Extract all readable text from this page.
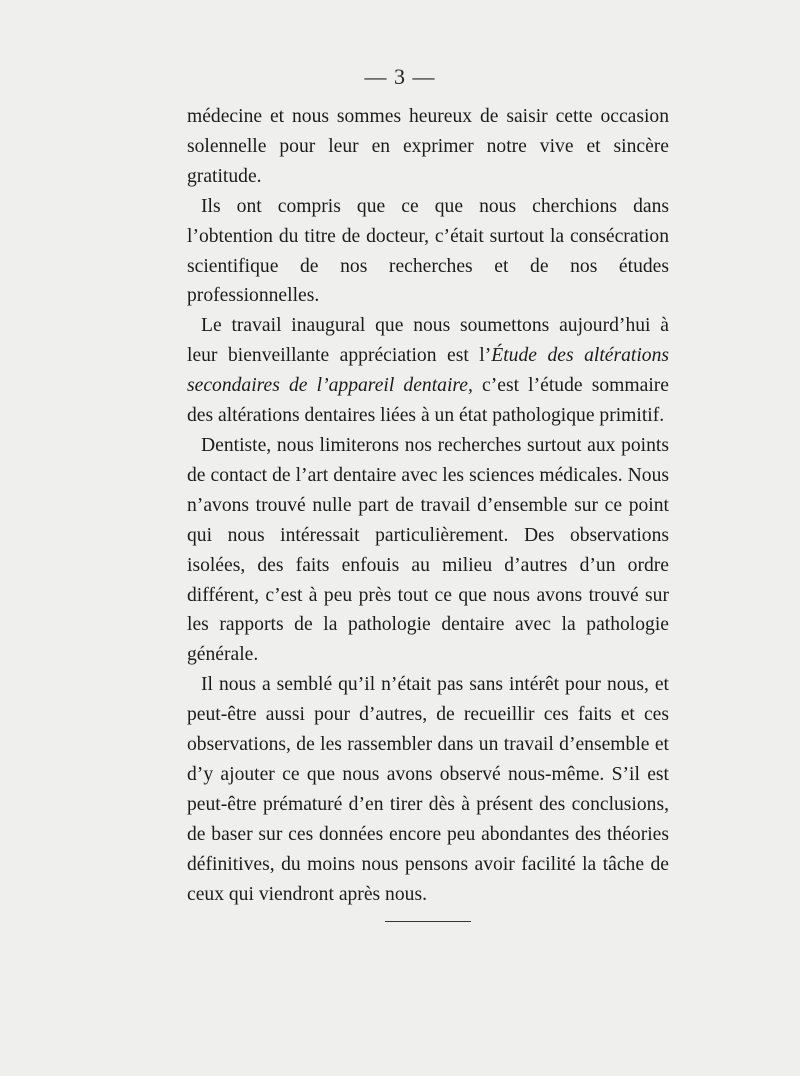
— 3 —

médecine et nous sommes heureux de saisir cette occasion solennelle pour leur en exprimer notre vive et sincère gratitude.

Ils ont compris que ce que nous cherchions dans l’obtention du titre de docteur, c’était surtout la consécration scientifique de nos recherches et de nos études professionnelles.

Le travail inaugural que nous soumettons aujourd’hui à leur bienveillante appréciation est l’Étude des altérations secondaires de l’appareil dentaire, c’est l’étude sommaire des altérations dentaires liées à un état pathologique primitif.

Dentiste, nous limiterons nos recherches surtout aux points de contact de l’art dentaire avec les sciences médicales. Nous n’avons trouvé nulle part de travail d’ensemble sur ce point qui nous intéressait particulièrement. Des observations isolées, des faits enfouis au milieu d’autres d’un ordre différent, c’est à peu près tout ce que nous avons trouvé sur les rapports de la pathologie dentaire avec la pathologie générale.

Il nous a semblé qu’il n’était pas sans intérêt pour nous, et peut-être aussi pour d’autres, de recueillir ces faits et ces observations, de les rassembler dans un travail d’ensemble et d’y ajouter ce que nous avons observé nous-même. S’il est peut-être prématuré d’en tirer dès à présent des conclusions, de baser sur ces données encore peu abondantes des théories définitives, du moins nous pensons avoir facilité la tâche de ceux qui viendront après nous.
